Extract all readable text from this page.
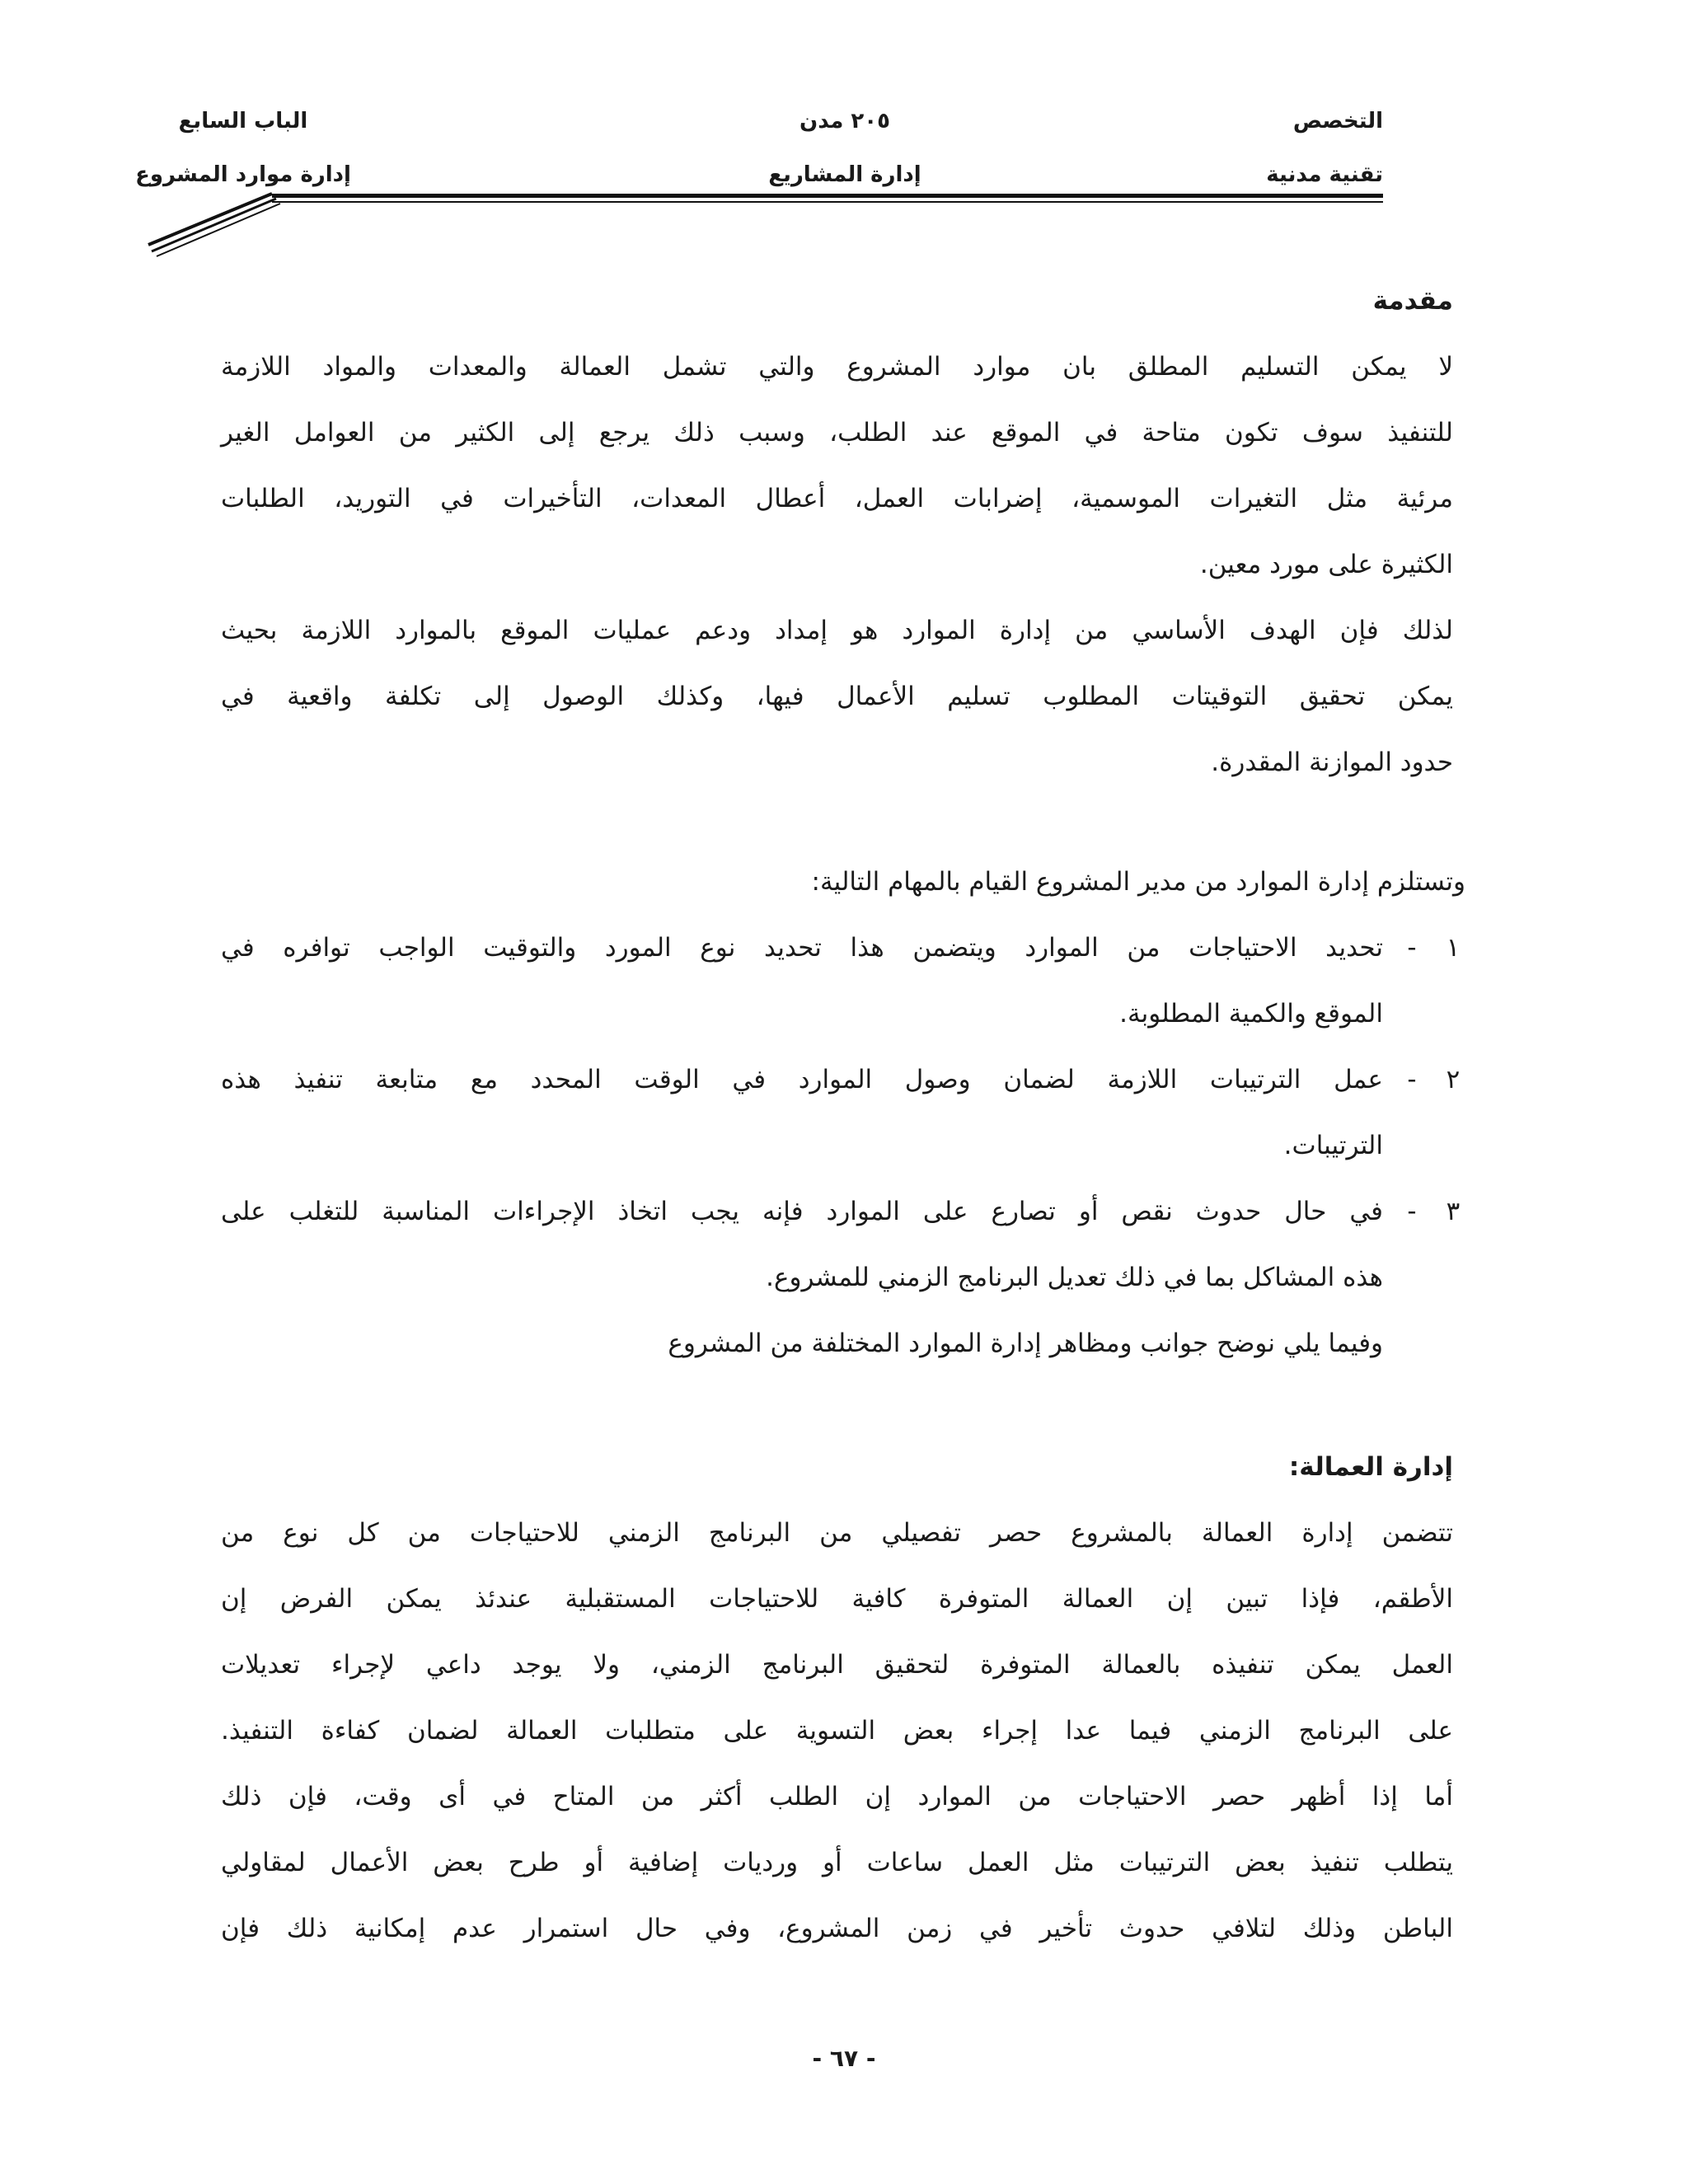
التخصص
٢٠٥ مدن
الباب السابع
تقنية مدنية
إدارة المشاريع
إدارة موارد المشروع
مقدمة
لا يمكن التسليم المطلق بان موارد المشروع والتي تشمل العمالة والمعدات والمواد اللازمة
للتنفيذ سوف تكون متاحة في الموقع عند الطلب، وسبب ذلك يرجع إلى الكثير من العوامل الغير
مرئية مثل التغيرات الموسمية، إضرابات العمل، أعطال المعدات، التأخيرات في التوريد، الطلبات
الكثيرة على مورد معين.
لذلك فإن الهدف الأساسي من إدارة الموارد هو إمداد ودعم عمليات الموقع بالموارد اللازمة بحيث
يمكن تحقيق التوقيتات المطلوب تسليم الأعمال فيها، وكذلك الوصول إلى تكلفة واقعية في
حدود الموازنة المقدرة.
وتستلزم إدارة الموارد من مدير المشروع القيام بالمهام التالية:
١
-
تحديد الاحتياجات من الموارد ويتضمن هذا تحديد نوع المورد والتوقيت الواجب توافره في
الموقع والكمية المطلوبة.
٢
-
عمل الترتيبات اللازمة لضمان وصول الموارد في الوقت المحدد مع متابعة تنفيذ هذه
الترتيبات.
٣
-
في حال حدوث نقص أو تصارع على الموارد فإنه يجب اتخاذ الإجراءات المناسبة للتغلب على
هذه المشاكل بما في ذلك تعديل البرنامج الزمني للمشروع.
وفيما يلي نوضح جوانب ومظاهر إدارة الموارد المختلفة من المشروع
إدارة العمالة:
تتضمن إدارة العمالة بالمشروع حصر تفصيلي من البرنامج الزمني للاحتياجات من كل نوع من
الأطقم، فإذا تبين إن العمالة المتوفرة كافية للاحتياجات المستقبلية عندئذ يمكن الفرض إن
العمل يمكن تنفيذه بالعمالة المتوفرة لتحقيق البرنامج الزمني، ولا يوجد داعي لإجراء تعديلات
على البرنامج الزمني فيما عدا إجراء بعض التسوية على متطلبات العمالة لضمان كفاءة التنفيذ.
أما إذا أظهر حصر الاحتياجات من الموارد إن الطلب أكثر من المتاح في أى وقت، فإن ذلك
يتطلب تنفيذ بعض الترتيبات مثل العمل ساعات أو ورديات إضافية أو طرح بعض الأعمال لمقاولي
الباطن وذلك لتلافي حدوث تأخير في زمن المشروع، وفي حال استمرار عدم إمكانية ذلك فإن
- ٦٧ -
